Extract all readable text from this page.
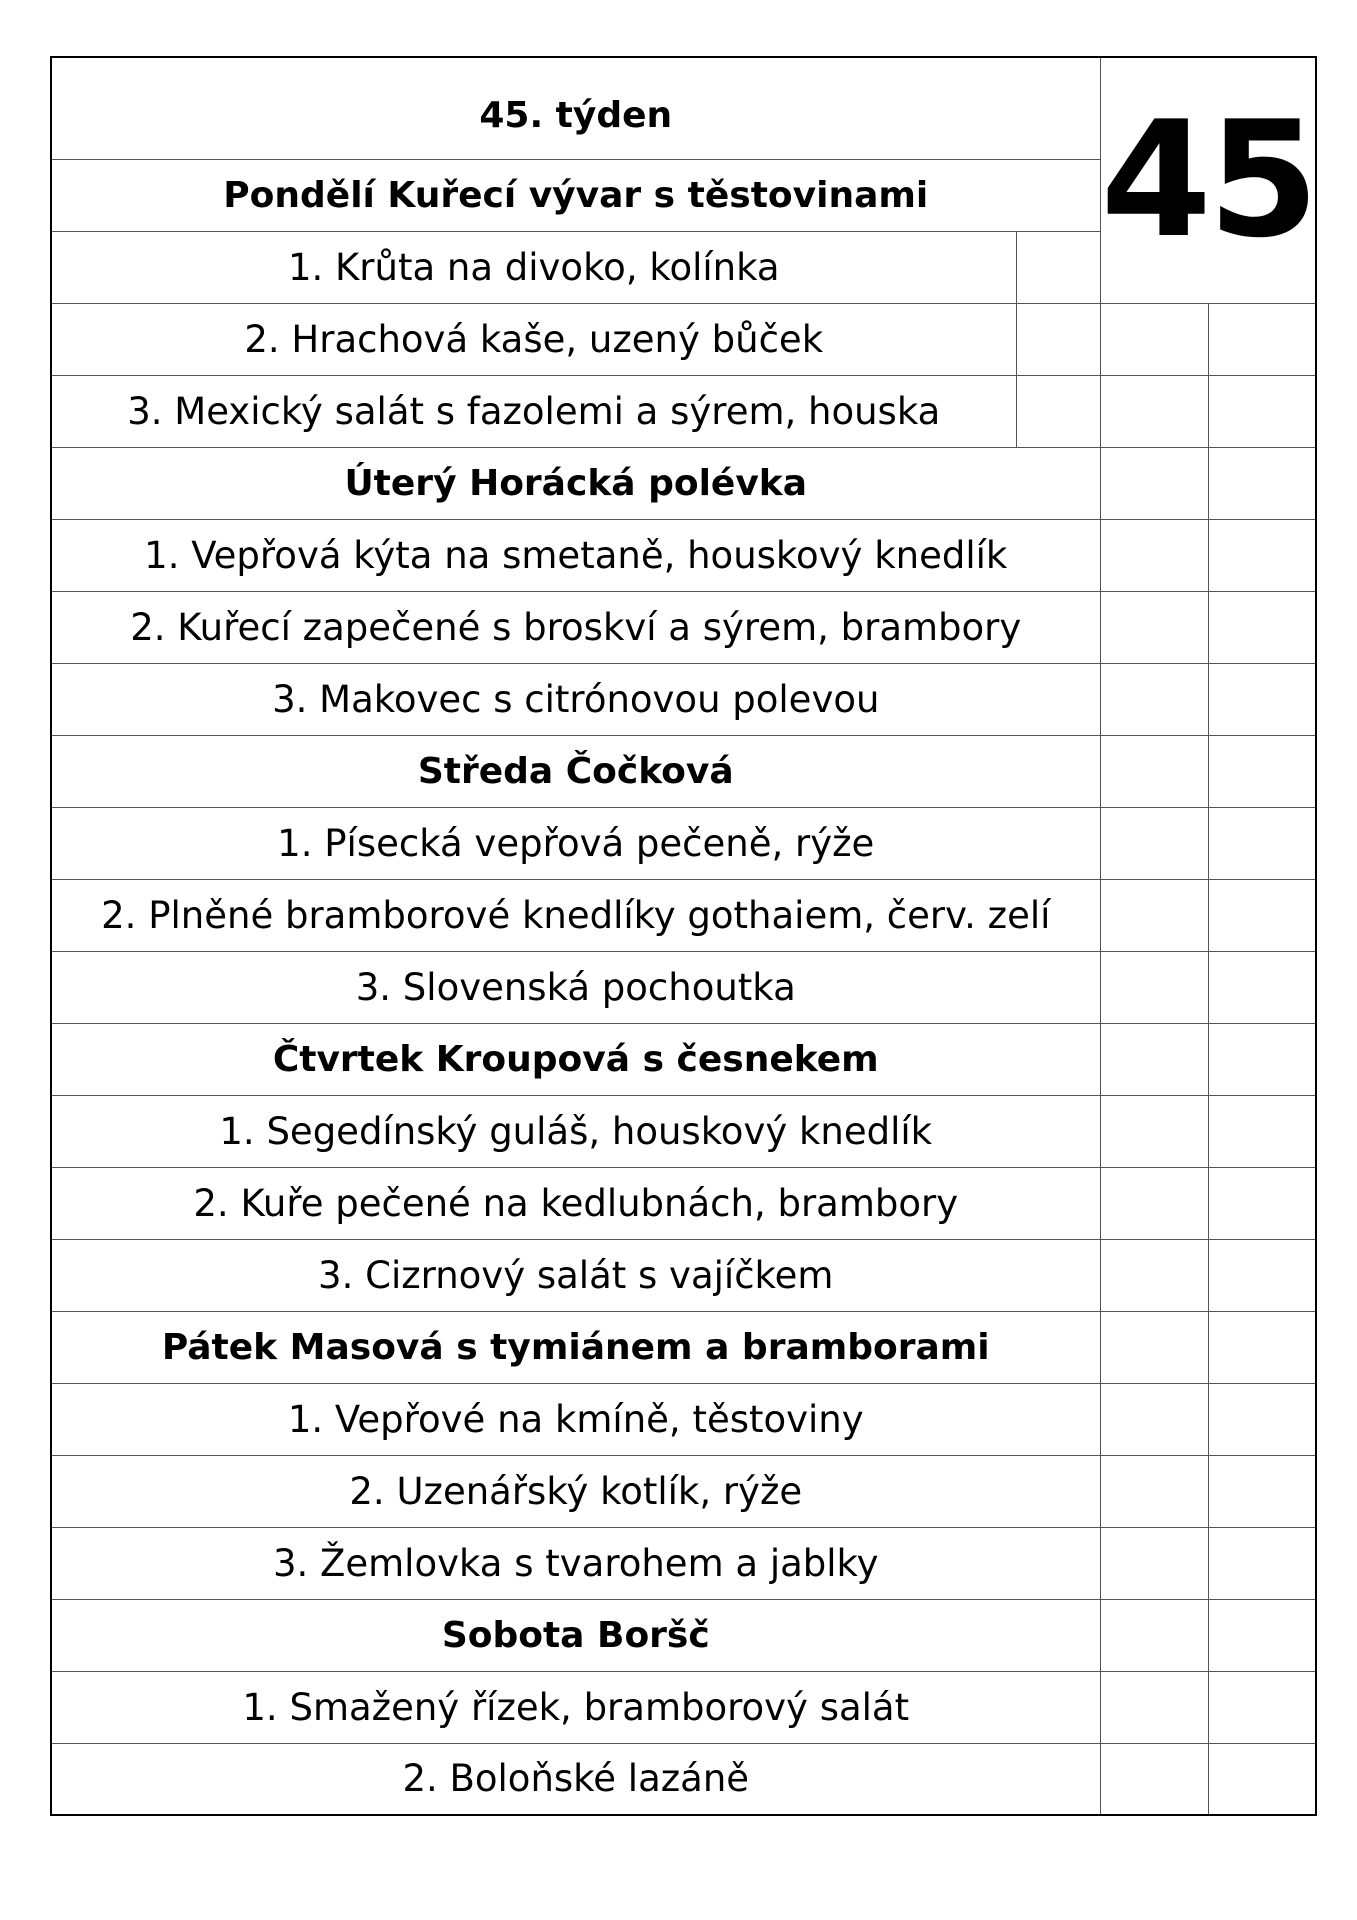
45. týden		45	
Pondělí Kuřecí vývar s těstovinami			
1. Krůta na divoko, kolínka			
2. Hrachová kaše, uzený bůček			
3. Mexický salát s fazolemi a sýrem, houska			
Úterý Horácká polévka			
1. Vepřová kýta na smetaně, houskový knedlík			
2. Kuřecí zapečené s broskví a sýrem, brambory			
3. Makovec s citrónovou polevou			
Středa Čočková			
1. Písecká vepřová pečeně, rýže			
2. Plněné bramborové knedlíky gothaiem, červ. zelí			
3. Slovenská pochoutka			
Čtvrtek Kroupová s česnekem			
1. Segedínský guláš, houskový knedlík			
2. Kuře pečené na kedlubnách, brambory			
3. Cizrnový salát s vajíčkem			
Pátek Masová s tymiánem a bramborami			
1. Vepřové na kmíně, těstoviny			
2. Uzenářský kotlík, rýže			
3. Žemlovka s tvarohem a jablky			
Sobota Boršč			
1. Smažený řízek, bramborový salát			
2. Boloňské lazáně			
